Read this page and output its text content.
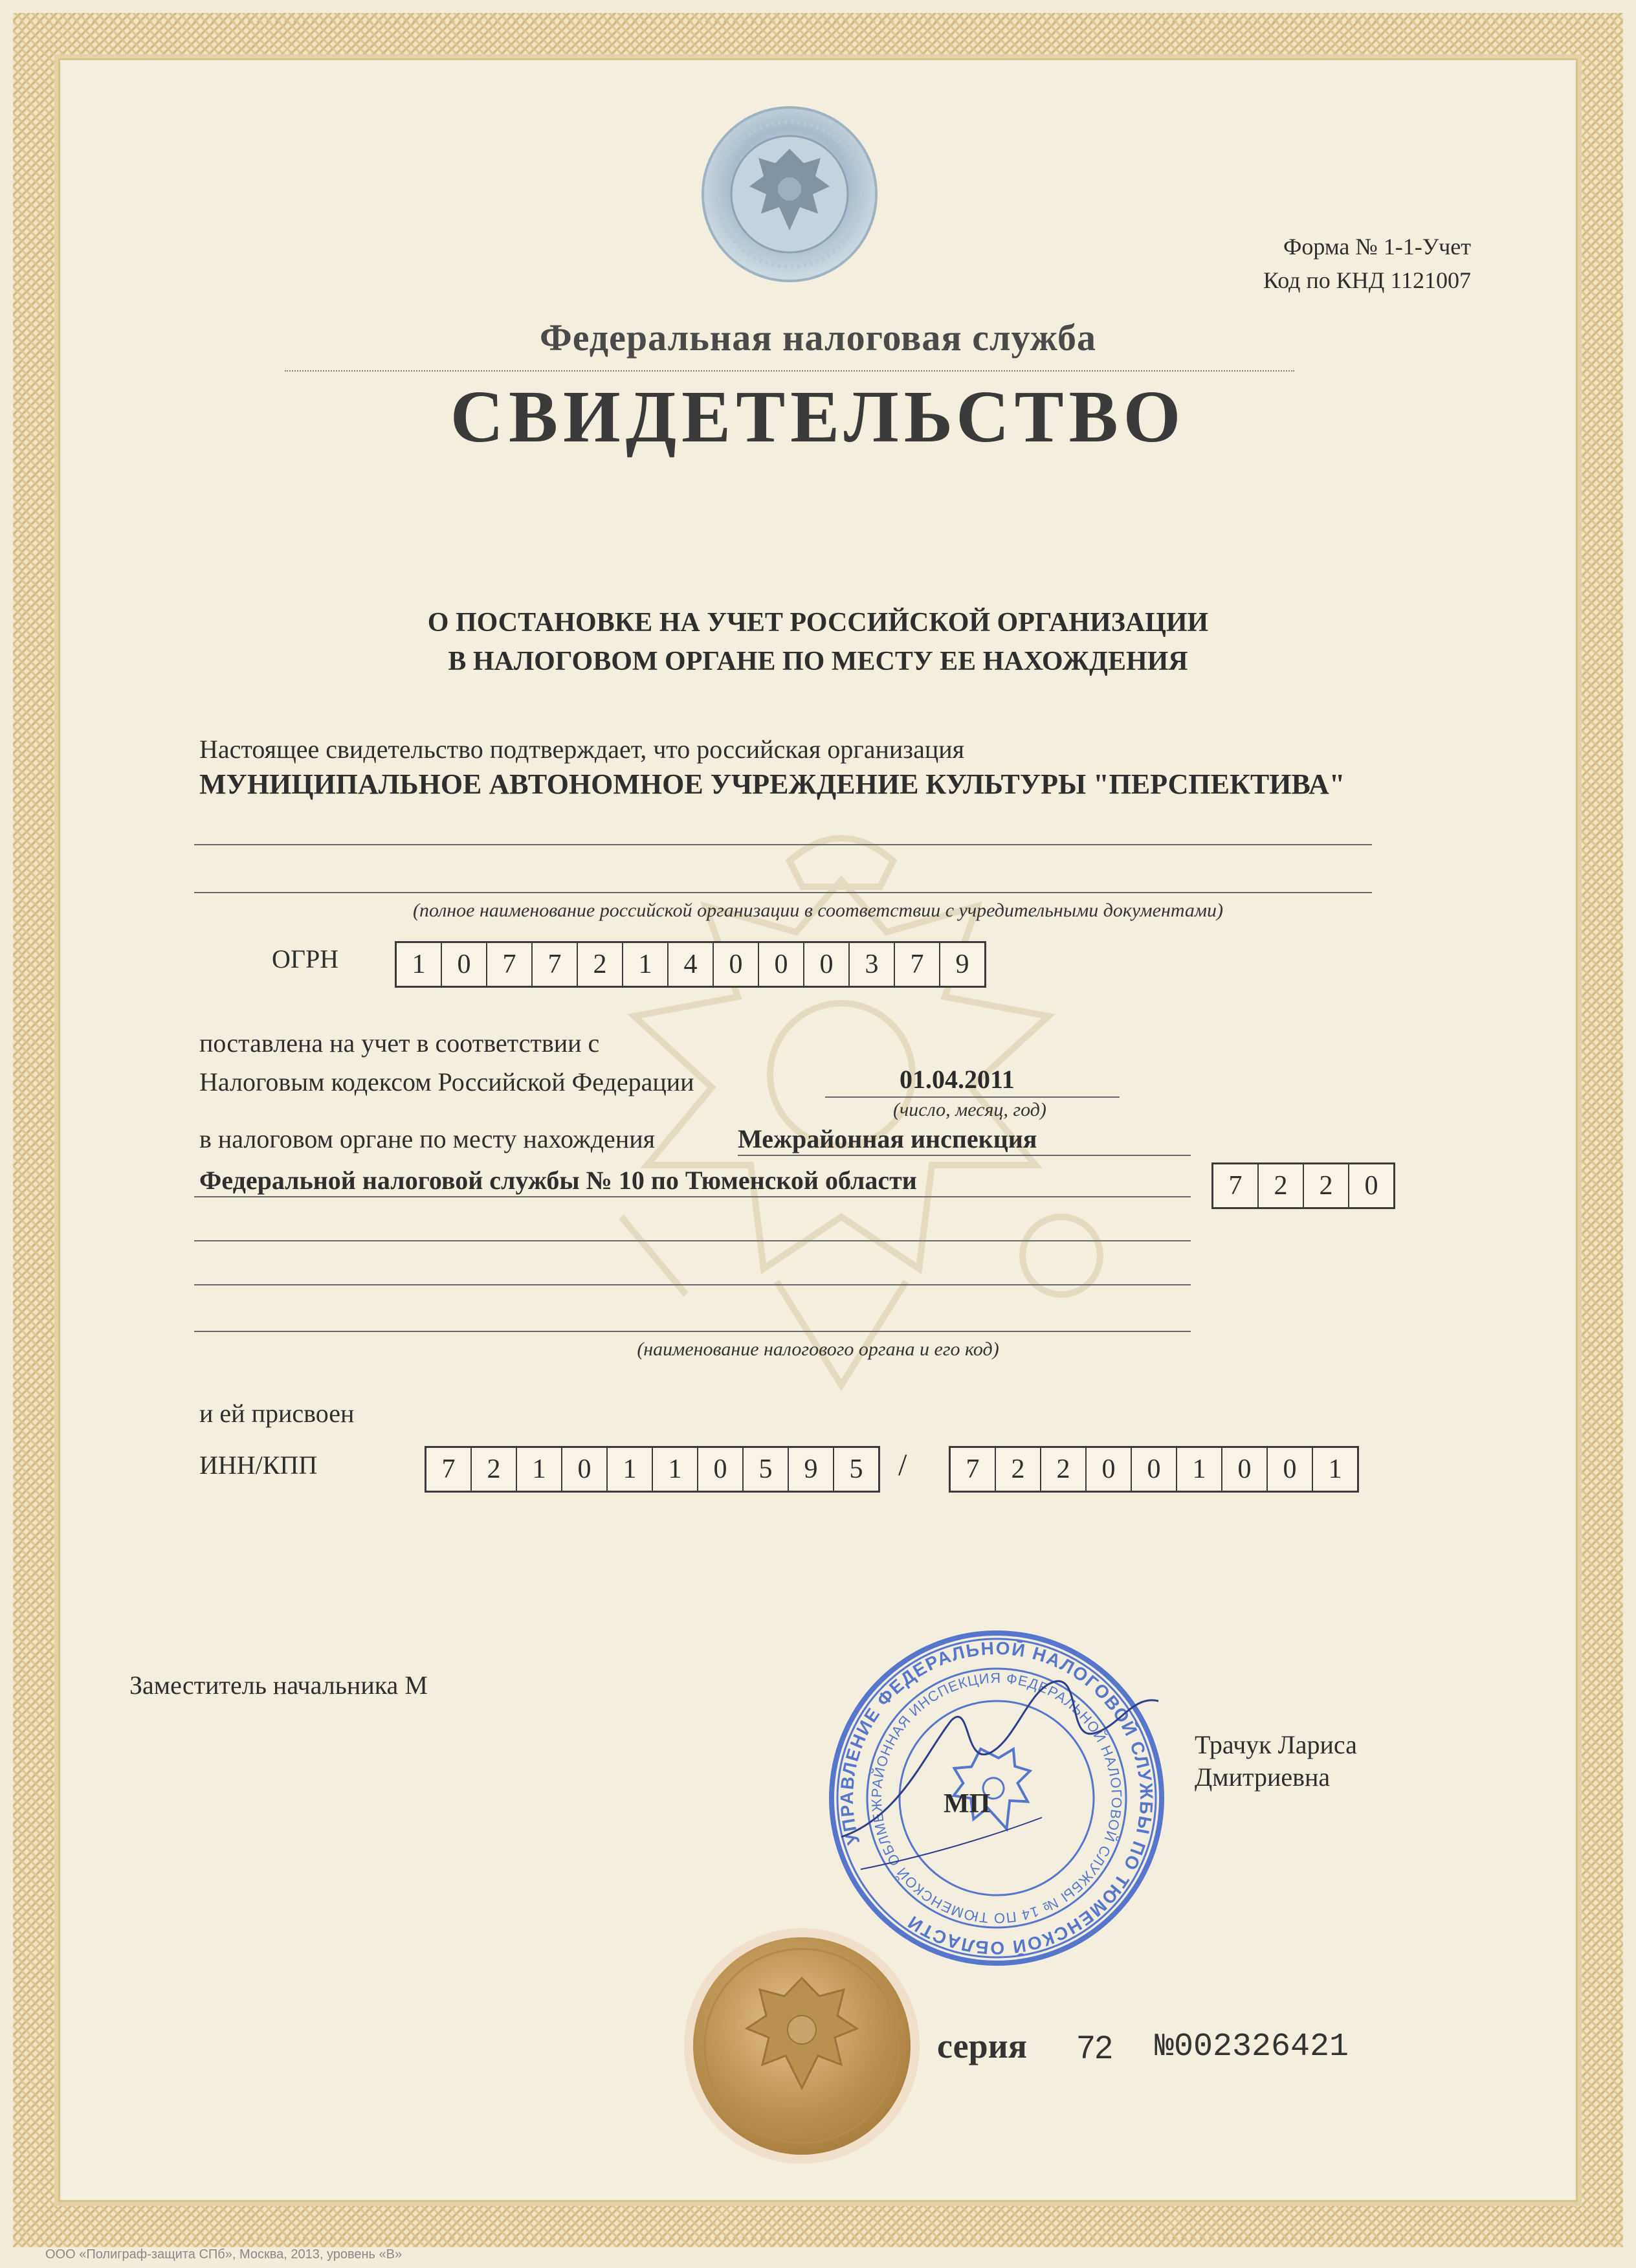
Форма № 1-1-Учет
Код по КНД 1121007
Федеральная налоговая служба
СВИДЕТЕЛЬСТВО
О ПОСТАНОВКЕ НА УЧЕТ РОССИЙСКОЙ ОРГАНИЗАЦИИ
В НАЛОГОВОМ ОРГАНЕ ПО МЕСТУ ЕЕ НАХОЖДЕНИЯ
Настоящее свидетельство подтверждает, что российская организация
МУНИЦИПАЛЬНОЕ АВТОНОМНОЕ УЧРЕЖДЕНИЕ КУЛЬТУРЫ "ПЕРСПЕКТИВА"
(полное наименование российской организации в соответствии с учредительными документами)
ОГРН	1	0	7	7	2	1	4	0	0	0	3	7	9
поставлена на учет в соответствии с
Налоговым кодексом Российской Федерации	01.04.2011
(число, месяц, год)
в налоговом органе по месту нахождения	Межрайонная инспекция
Федеральной налоговой службы № 10 по Тюменской области	7	2	2	0
(наименование налогового органа и его код)
и ей присвоен
ИНН/КПП	7	2	1	0	1	1	0	5	9	5	/	7	2	2	0	0	1	0	0	1
Заместитель начальника М
Трачук Лариса
Дмитриевна
УПРАВЛЕНИЕ ФЕДЕРАЛЬНОЙ НАЛОГОВОЙ СЛУЖБЫ ПО ТЮМЕНСКОЙ ОБЛАСТИ
МЕЖРАЙОННАЯ ИНСПЕКЦИЯ ФЕДЕРАЛЬНОЙ НАЛОГОВОЙ СЛУЖБЫ № 14 ПО ТЮМЕНСКОЙ ОБЛАСТИ
МП
серия 72 №002326421
ООО «Полиграф-защита СПб», Москва, 2013, уровень «В»
